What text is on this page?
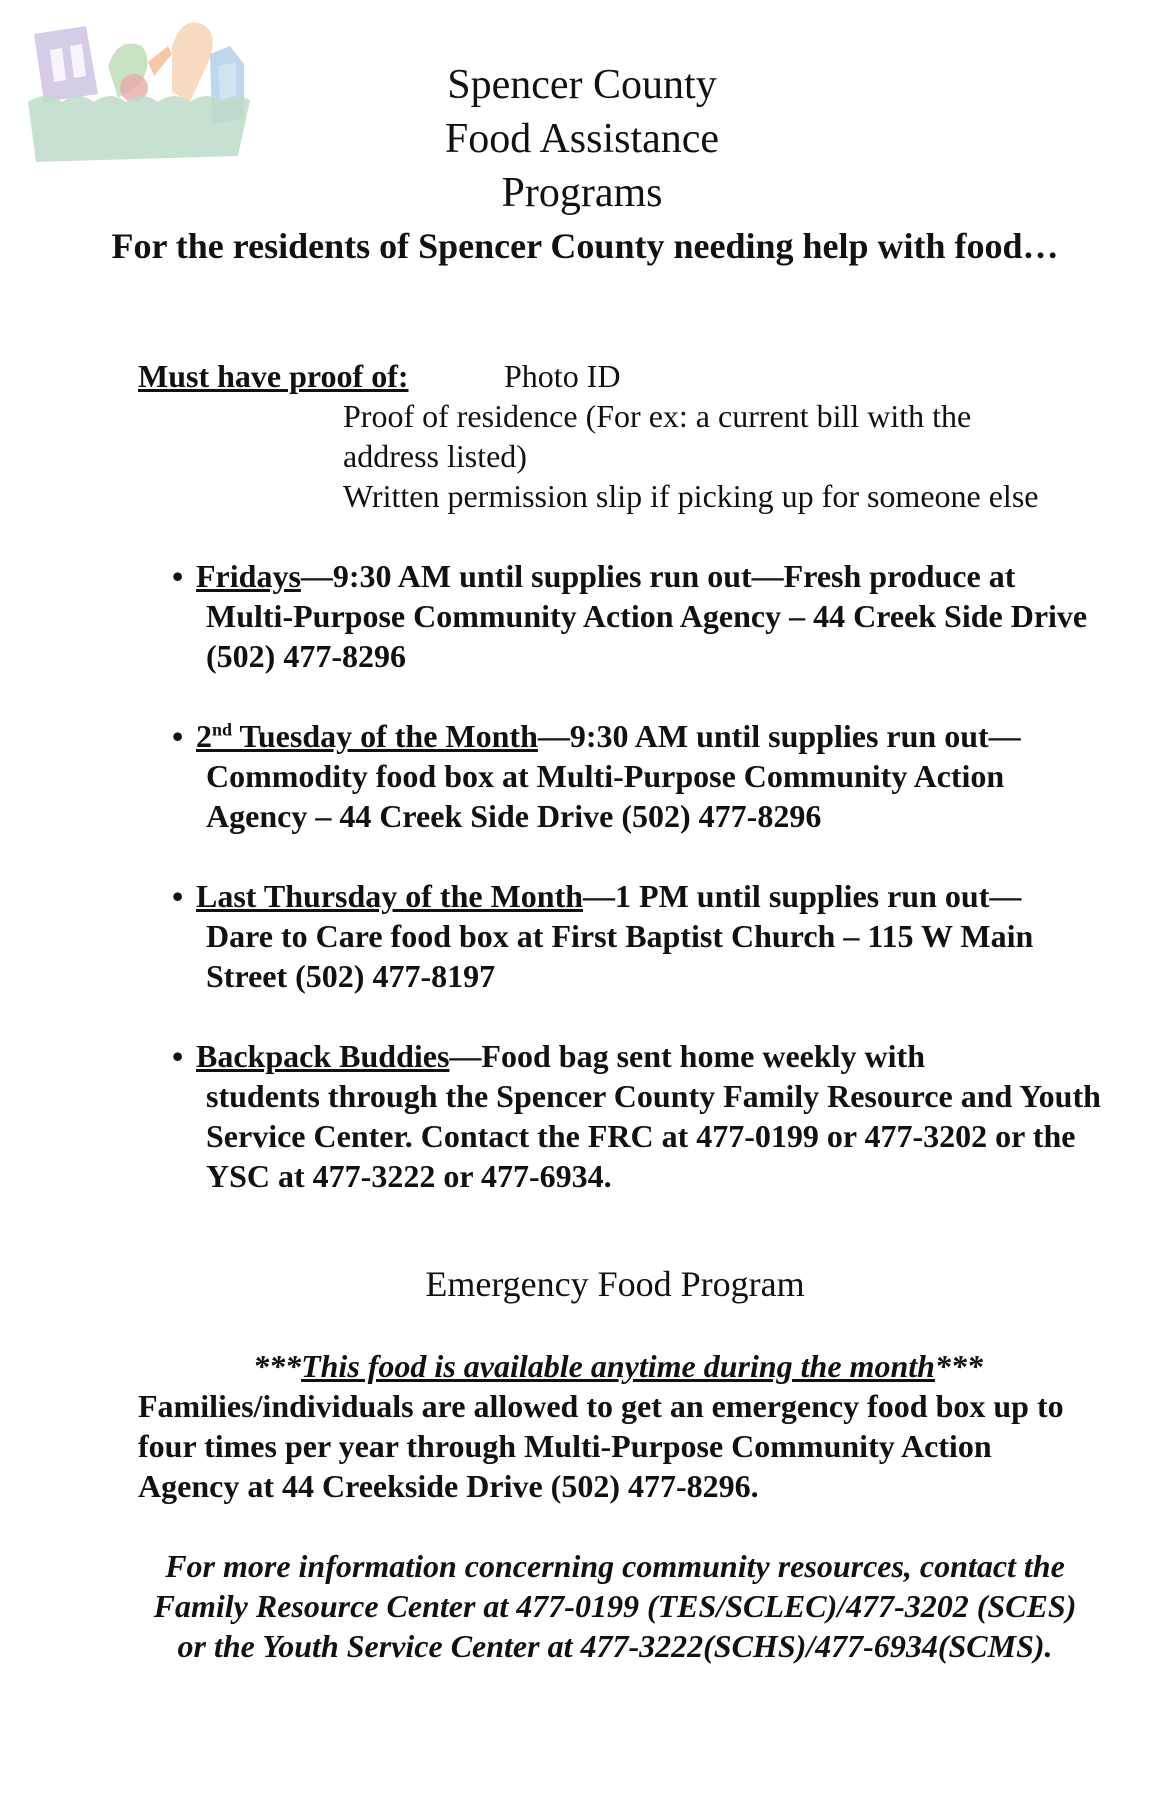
Spencer County
Food Assistance
Programs
For the residents of Spencer County needing help with food…
Must have proof of:	Photo ID
Proof of residence (For ex: a current bill with the address listed)
Written permission slip if picking up for someone else
• Fridays—9:30 AM until supplies run out—Fresh produce at
Multi-Purpose Community Action Agency – 44 Creek Side Drive (502) 477-8296
• 2nd Tuesday of the Month—9:30 AM until supplies run out—
Commodity food box at Multi-Purpose Community Action Agency – 44 Creek Side Drive (502) 477-8296
• Last Thursday of the Month—1 PM until supplies run out—
Dare to Care food box at First Baptist Church – 115 W Main Street (502) 477-8197
• Backpack Buddies—Food bag sent home weekly with
students through the Spencer County Family Resource and Youth Service Center. Contact the FRC at 477-0199 or 477-3202 or the YSC at 477-3222 or 477-6934.
Emergency Food Program
***This food is available anytime during the month***
Families/individuals are allowed to get an emergency food box up to four times per year through Multi-Purpose Community Action Agency at 44 Creekside Drive (502) 477-8296.
For more information concerning community resources, contact the
Family Resource Center at 477-0199 (TES/SCLEC)/477-3202 (SCES) or the Youth Service Center at 477-3222(SCHS)/477-6934(SCMS).
